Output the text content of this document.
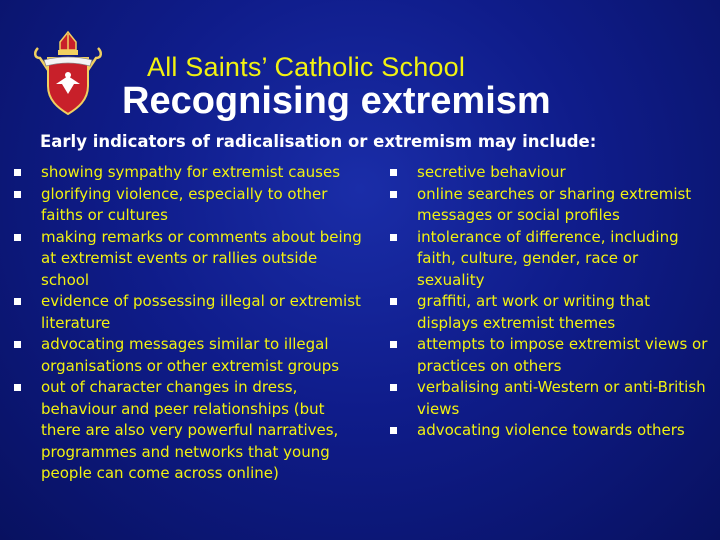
All Saints’ Catholic School
Recognising extremism
Early indicators of radicalisation or extremism may include:
showing sympathy for extremist causes
glorifying violence, especially to other faiths or cultures
making remarks or comments about being at extremist events or rallies outside school
evidence of possessing illegal or extremist literature
advocating messages similar to illegal organisations or other extremist groups
out of character changes in dress, behaviour and peer relationships (but there are also very powerful narratives, programmes and networks that young people can come across online)
secretive behaviour
online searches or sharing extremist messages or social profiles
intolerance of difference, including faith, culture, gender, race or sexuality
graffiti, art work or writing that displays extremist themes
attempts to impose extremist views or practices on others
verbalising anti-Western or anti-British views
advocating violence towards others
